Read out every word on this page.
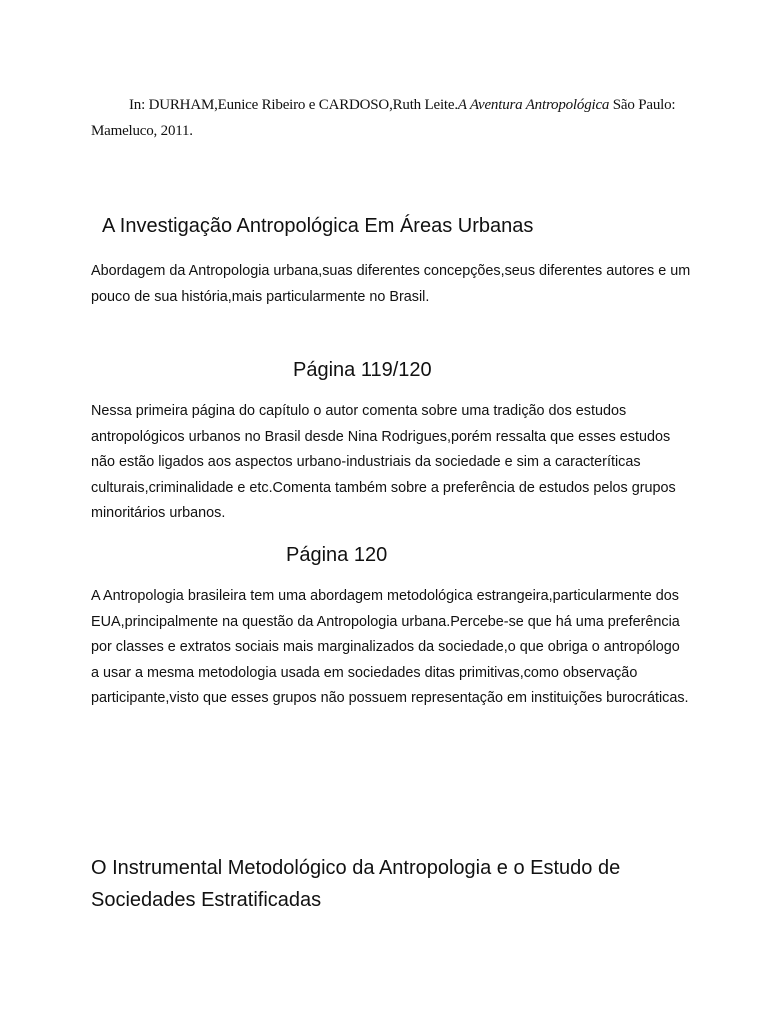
In: DURHAM,Eunice Ribeiro e CARDOSO,Ruth Leite.A Aventura Antropológica São Paulo: Mameluco, 2011.

A Investigação Antropológica Em Áreas Urbanas

Abordagem da Antropologia urbana,suas diferentes concepções,seus diferentes autores e um pouco de sua história,mais particularmente no Brasil.

Página 119/120

Nessa primeira página do capítulo o autor comenta sobre uma tradição dos estudos antropológicos urbanos no Brasil desde Nina Rodrigues,porém ressalta que esses estudos não estão ligados aos aspectos urbano-industriais da sociedade e sim a caracteríticas culturais,criminalidade e etc.Comenta também sobre a preferência de estudos pelos grupos minoritários urbanos.

Página 120

A Antropologia brasileira tem uma abordagem metodológica estrangeira,particularmente dos EUA,principalmente na questão da Antropologia urbana.Percebe-se que há uma preferência por classes e extratos sociais mais marginalizados da sociedade,o que obriga o antropólogo a usar a mesma metodologia usada em sociedades ditas primitivas,como observação participante,visto que esses grupos não possuem representação em instituições burocráticas.

O Instrumental Metodológico da Antropologia e o Estudo de Sociedades Estratificadas
